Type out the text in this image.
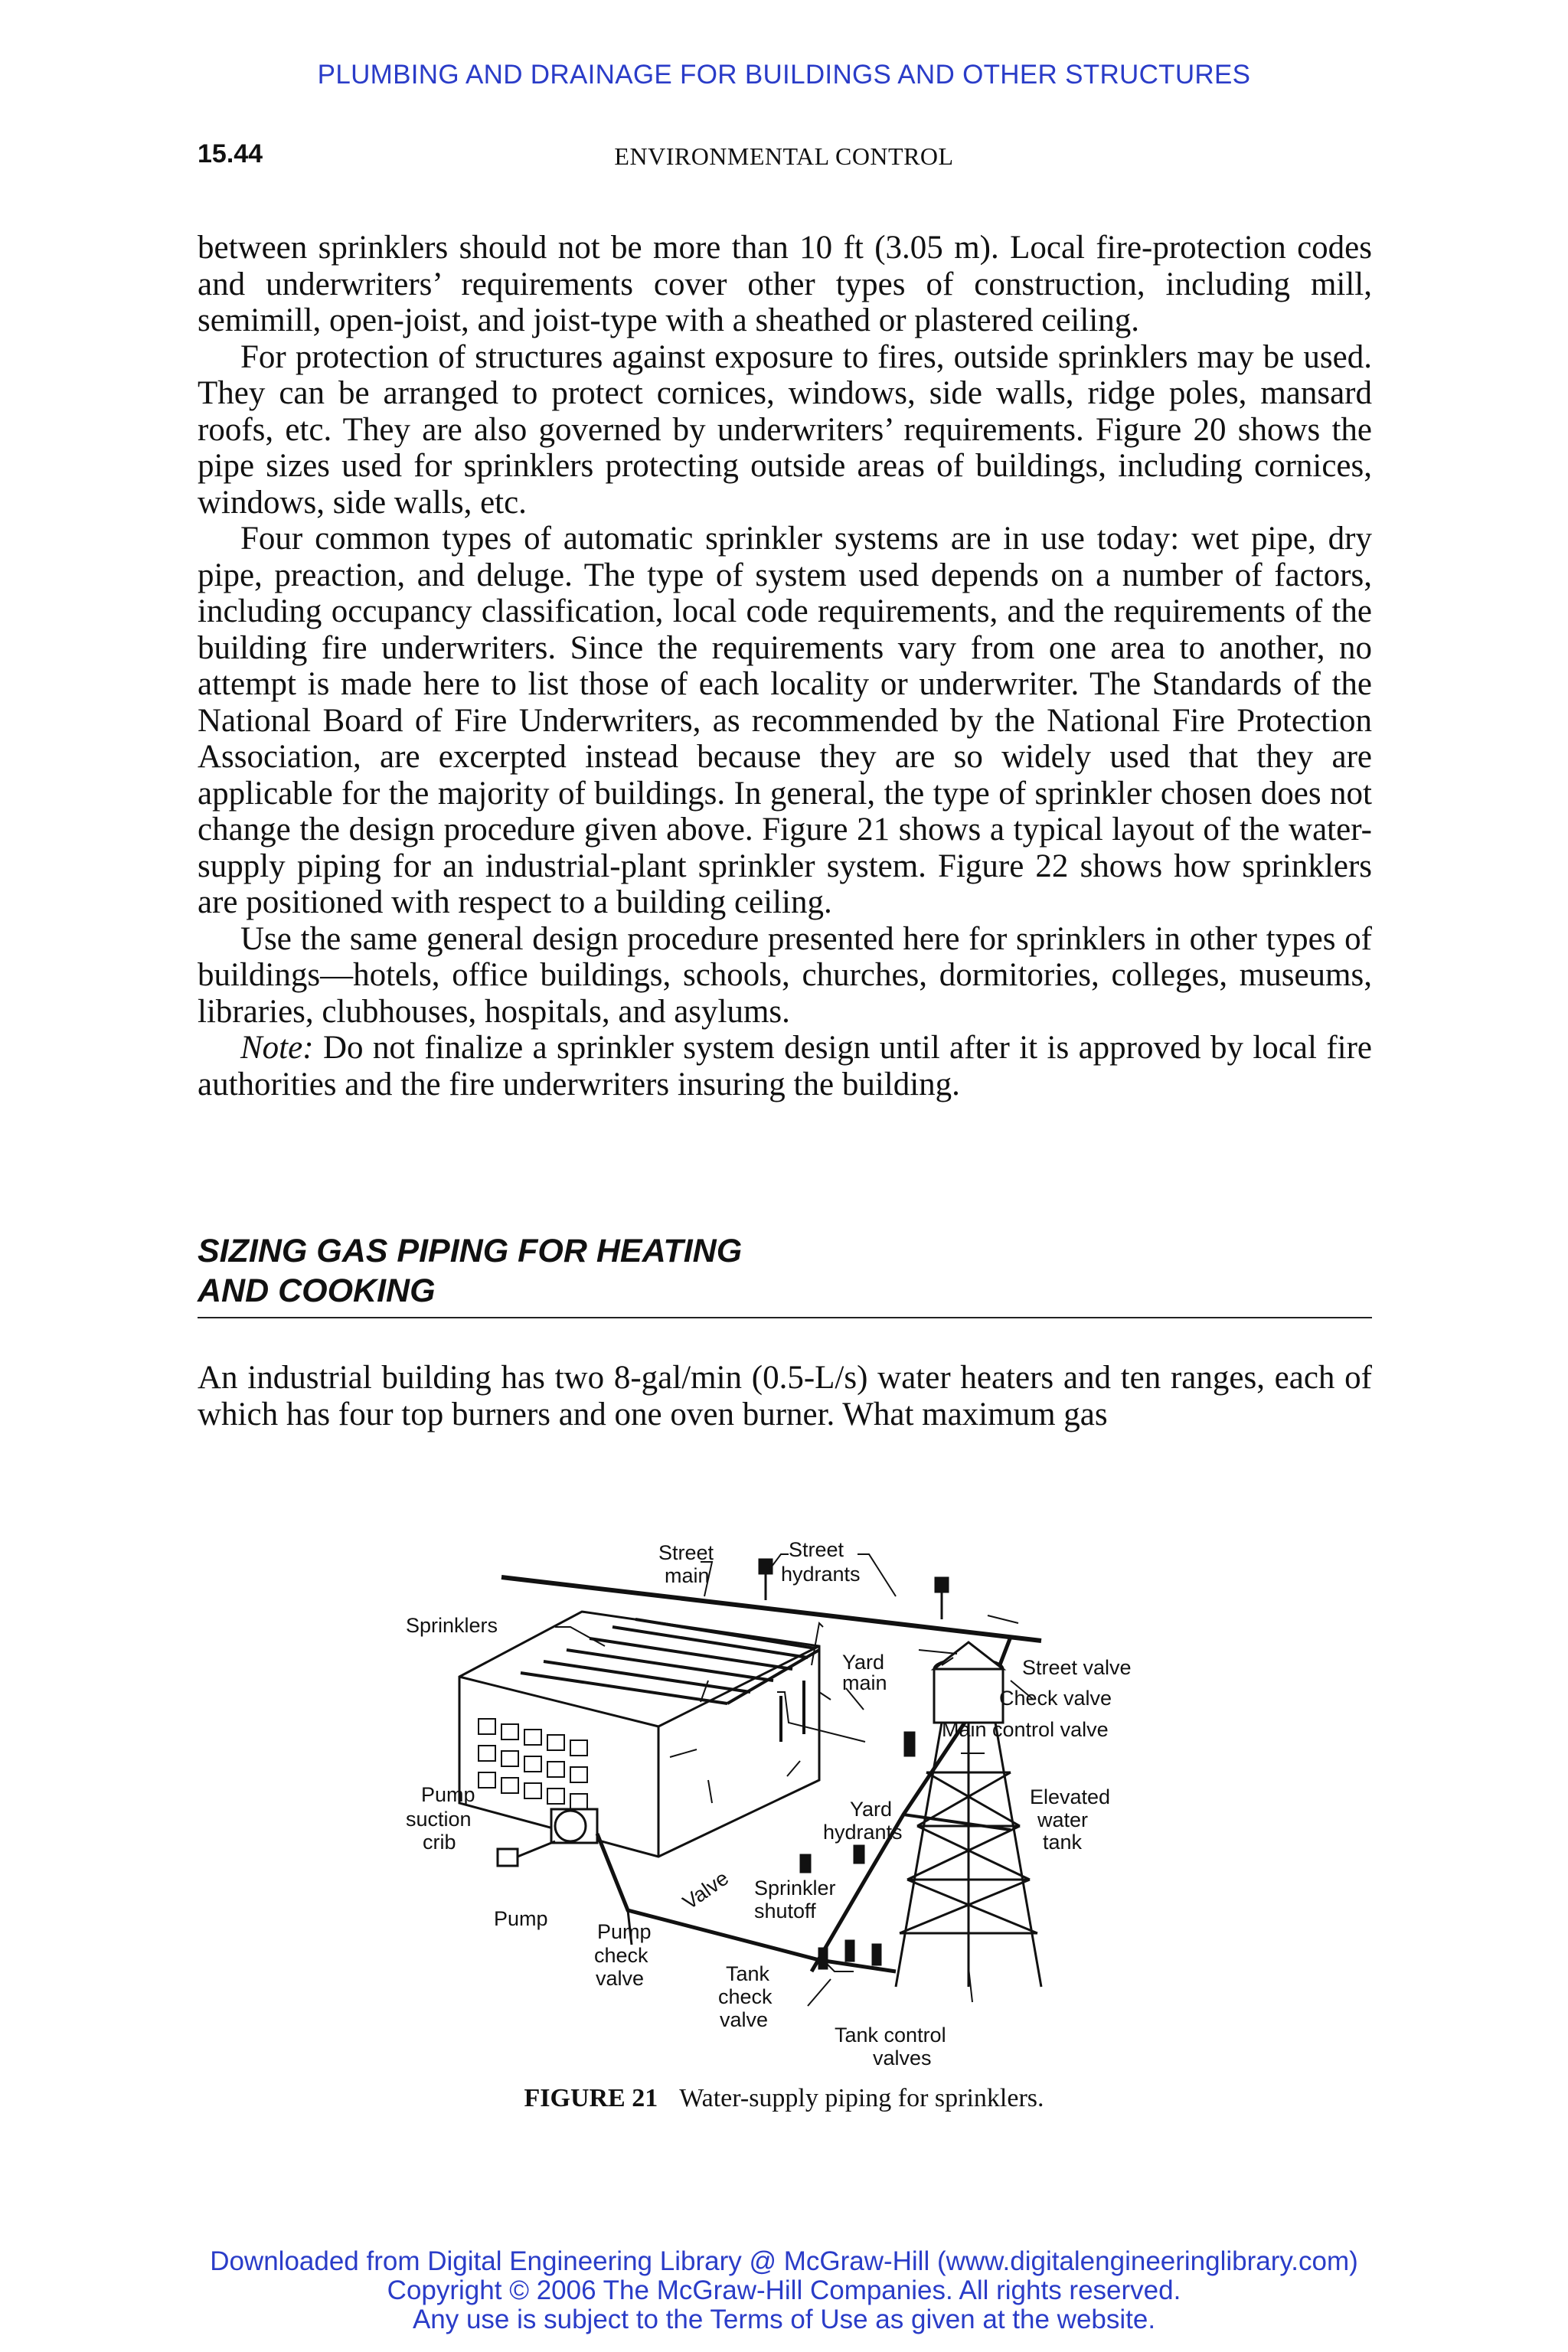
PLUMBING AND DRAINAGE FOR BUILDINGS AND OTHER STRUCTURES
15.44	ENVIRONMENTAL CONTROL

between sprinklers should not be more than 10 ft (3.05 m). Local fire-protection codes and underwriters’ requirements cover other types of construction, including mill, semimill, open-joist, and joist-type with a sheathed or plastered ceiling.

For protection of structures against exposure to fires, outside sprinklers may be used. They can be arranged to protect cornices, windows, side walls, ridge poles, mansard roofs, etc. They are also governed by underwriters’ requirements. Figure 20 shows the pipe sizes used for sprinklers protecting outside areas of buildings, including cornices, windows, side walls, etc.

Four common types of automatic sprinkler systems are in use today: wet pipe, dry pipe, preaction, and deluge. The type of system used depends on a number of factors, including occupancy classification, local code requirements, and the requirements of the building fire underwriters. Since the requirements vary from one area to another, no attempt is made here to list those of each locality or underwriter. The Standards of the National Board of Fire Underwriters, as recommended by the National Fire Protection Association, are excerpted instead because they are so widely used that they are applicable for the majority of buildings. In general, the type of sprinkler chosen does not change the design procedure given above. Figure 21 shows a typical layout of the water-supply piping for an industrial-plant sprinkler system. Figure 22 shows how sprinklers are positioned with respect to a building ceiling.

Use the same general design procedure presented here for sprinklers in other types of buildings—hotels, office buildings, schools, churches, dormitories, colleges, museums, libraries, clubhouses, hospitals, and asylums.

Note: Do not finalize a sprinkler system design until after it is approved by local fire authorities and the fire underwriters insuring the building.

SIZING GAS PIPING FOR HEATING
AND COOKING

An industrial building has two 8-gal/min (0.5-L/s) water heaters and ten ranges, each of which has four top burners and one oven burner. What maximum gas

Street
main
Street
hydrants
Sprinklers
Yard
main
Street valve
Check valve
Main control valve
Elevated
water
tank
Pump
suction
crib
Yard
hydrants
Valve Sprinkler
shutoff
Pump
Pump
check
valve	Tank
check
valve
Tank control
valves
FIGURE 21 Water-supply piping for sprinklers.
Downloaded from Digital Engineering Library @ McGraw-Hill (www.digitalengineeringlibrary.com)
Copyright © 2006 The McGraw-Hill Companies. All rights reserved.
Any use is subject to the Terms of Use as given at the website.
